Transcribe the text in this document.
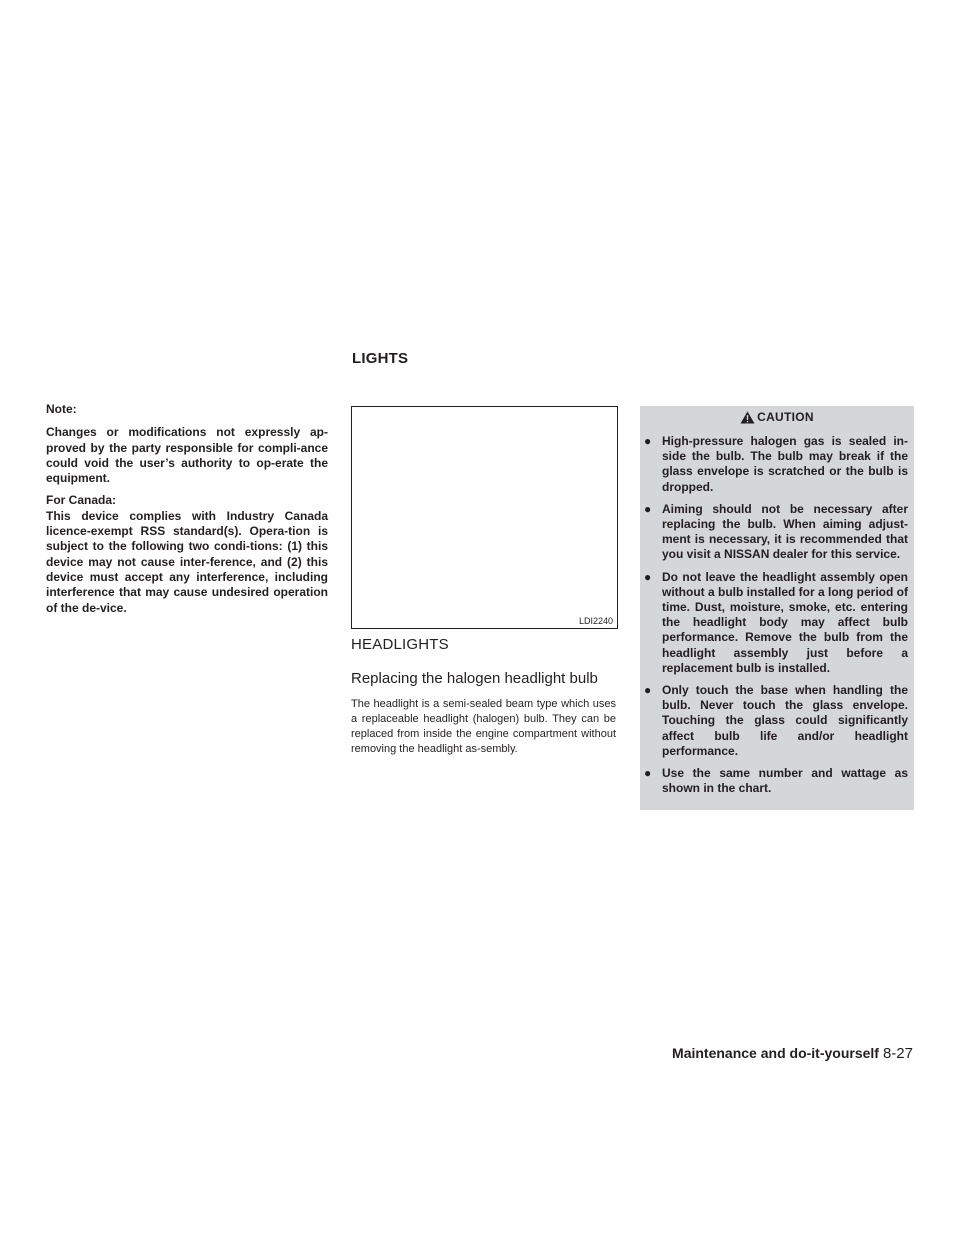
LIGHTS

Note:

Changes or modifications not expressly ap-proved by the party responsible for compli-ance could void the user’s authority to op-erate the equipment.

For Canada:

This device complies with Industry Canada licence-exempt RSS standard(s). Opera-tion is subject to the following two condi-tions: (1) this device may not cause inter-ference, and (2) this device must accept any interference, including interference that may cause undesired operation of the de-vice.

LDI2240
HEADLIGHTS
Replacing the halogen headlight bulb
The headlight is a semi-sealed beam type which uses a replaceable headlight (halogen) bulb. They can be replaced from inside the engine compartment without removing the headlight as-sembly.
CAUTION
● High-pressure halogen gas is sealed in-side the bulb. The bulb may break if the glass envelope is scratched or the bulb is dropped.
● Aiming should not be necessary after replacing the bulb. When aiming adjust-ment is necessary, it is recommended that you visit a NISSAN dealer for this service.
● Do not leave the headlight assembly open without a bulb installed for a long period of time. Dust, moisture, smoke, etc. entering the headlight body may affect bulb performance. Remove the bulb from the headlight assembly just before a replacement bulb is installed.
● Only touch the base when handling the bulb. Never touch the glass envelope. Touching the glass could significantly affect bulb life and/or headlight performance.
● Use the same number and wattage as shown in the chart.
Maintenance and do-it-yourself 8-27
